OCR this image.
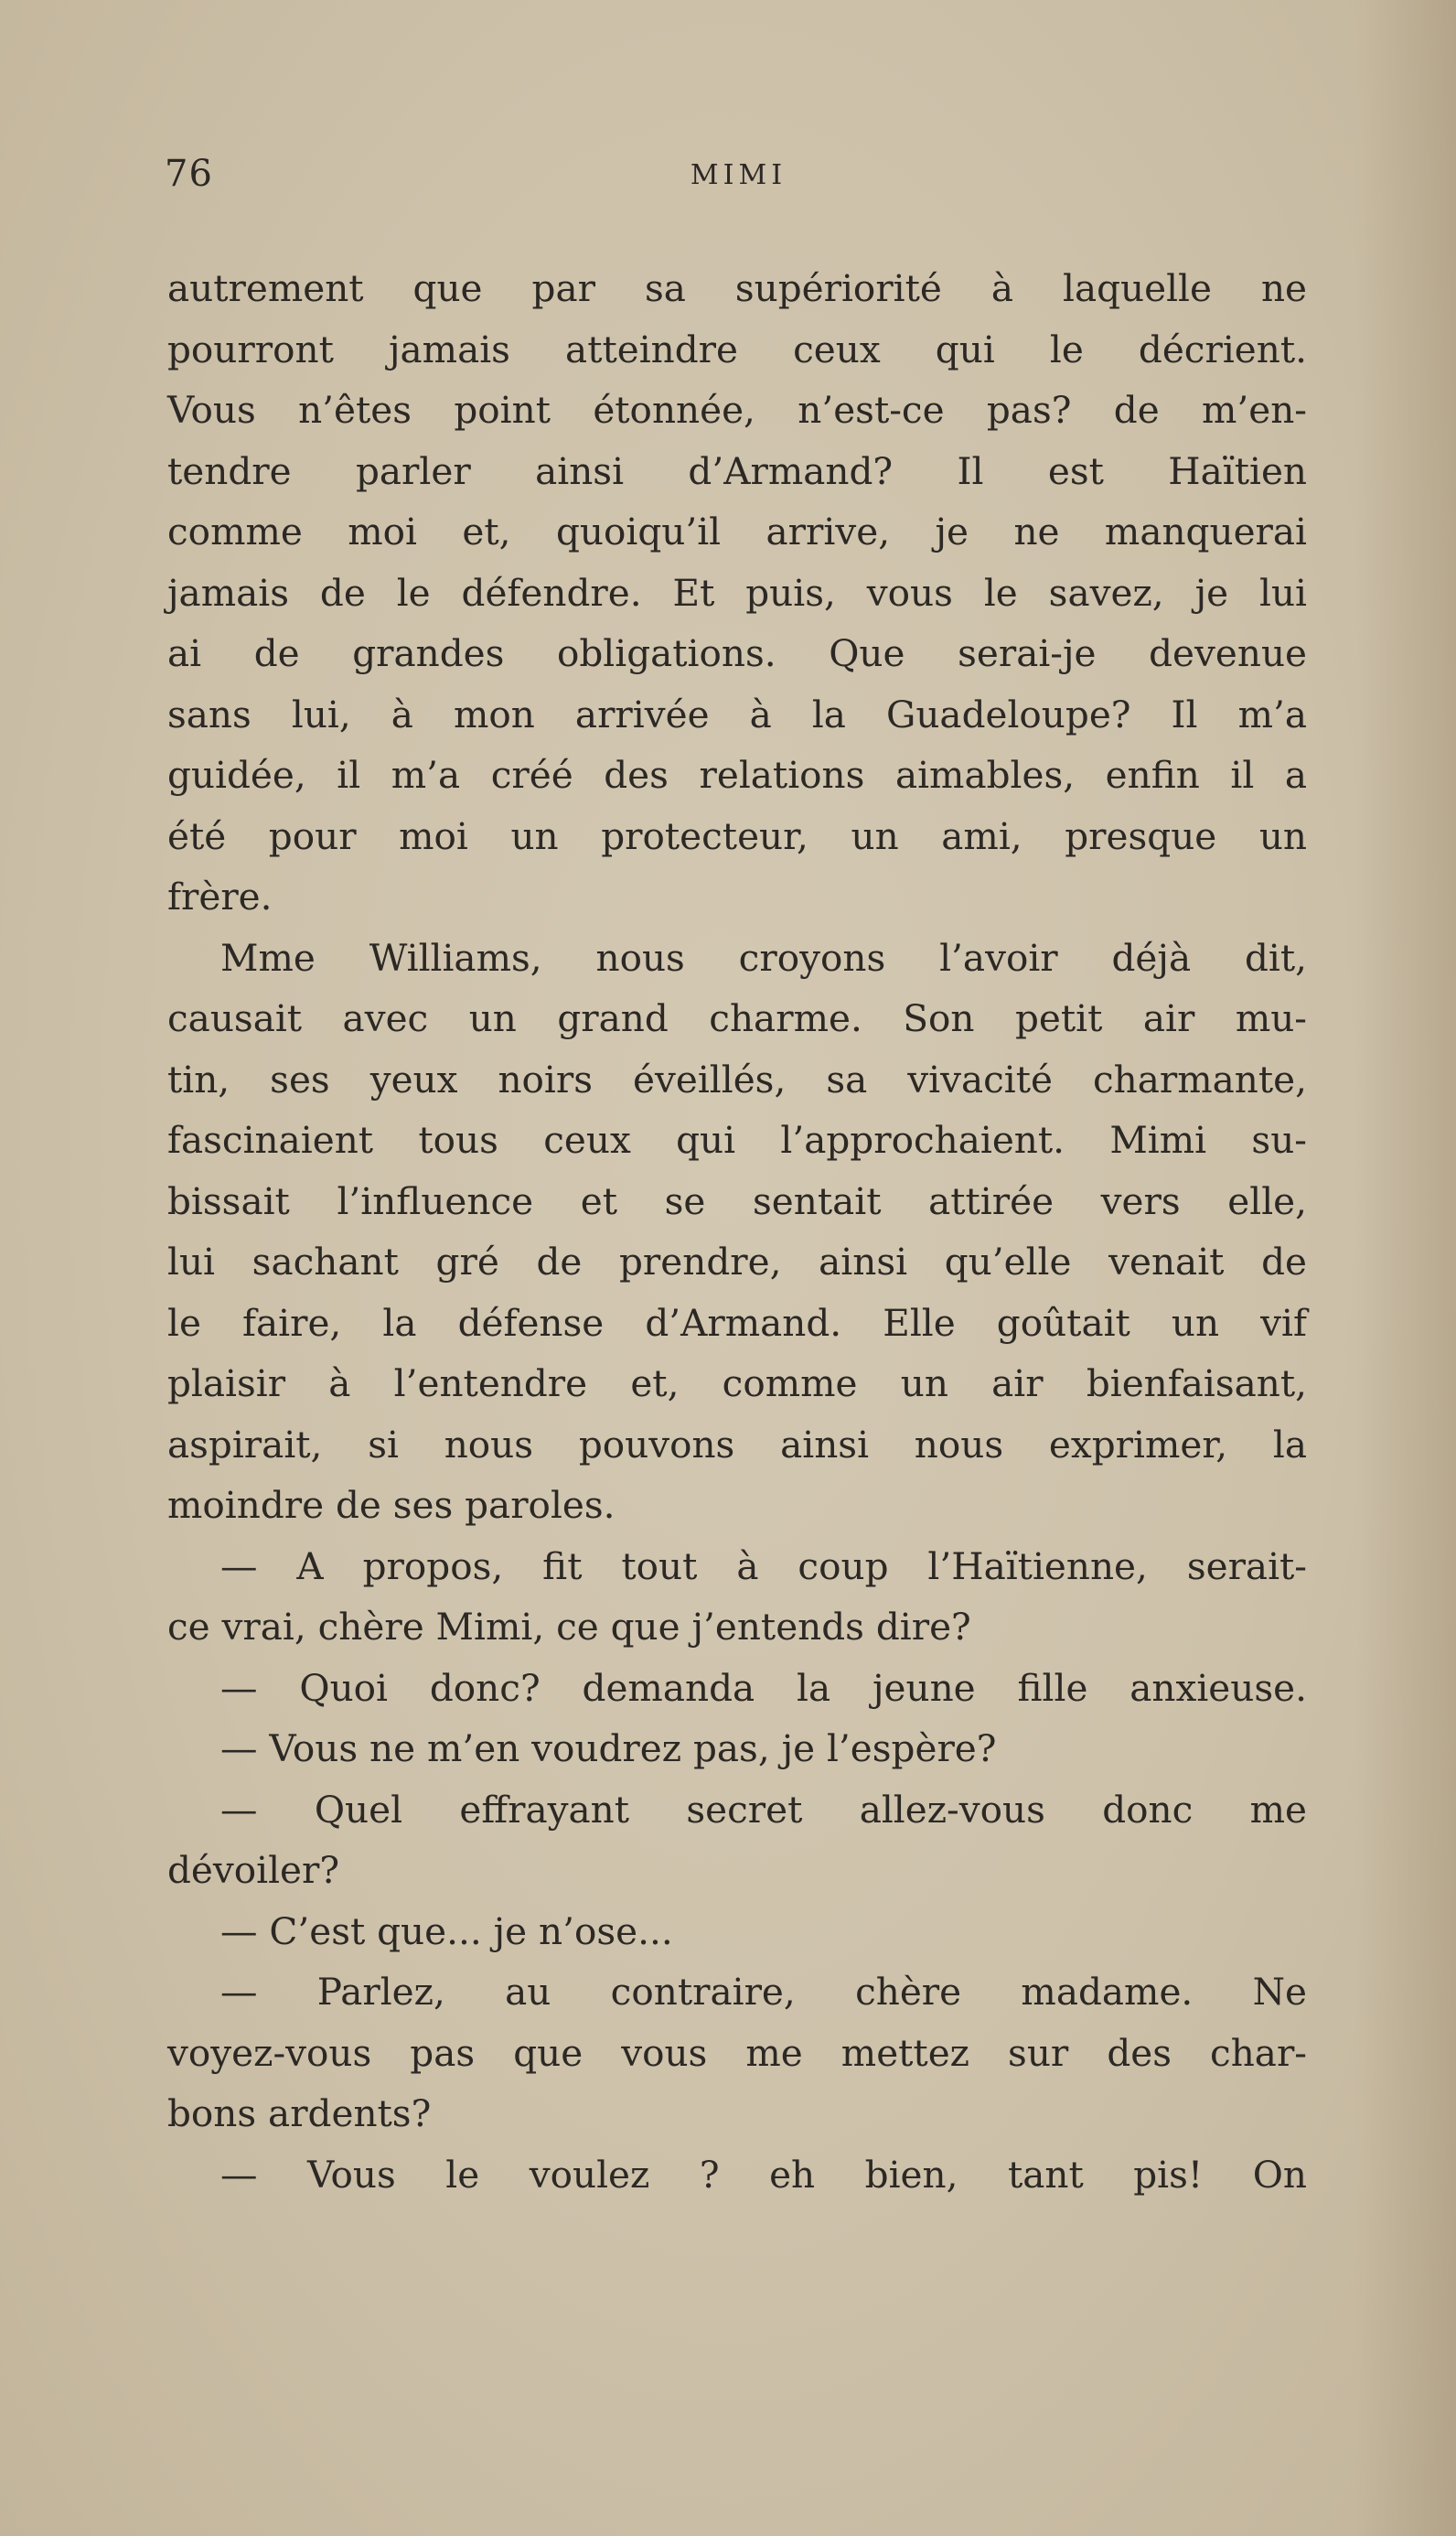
76	MIMI
autrement que par sa supériorité à laquelle ne
pourront jamais atteindre ceux qui le décrient.
Vous n’êtes point étonnée, n’est-ce pas? de m’en-
tendre parler ainsi d’Armand? Il est Haïtien
comme moi et, quoiqu’il arrive, je ne manquerai
jamais de le défendre. Et puis, vous le savez, je lui
ai de grandes obligations. Que serai-je devenue
sans lui, à mon arrivée à la Guadeloupe? Il m’a
guidée, il m’a créé des relations aimables, enfin il a
été pour moi un protecteur, un ami, presque un
frère.
Mme Williams, nous croyons l’avoir déjà dit,
causait avec un grand charme. Son petit air mu-
tin, ses yeux noirs éveillés, sa vivacité charmante,
fascinaient tous ceux qui l’approchaient. Mimi su-
bissait l’influence et se sentait attirée vers elle,
lui sachant gré de prendre, ainsi qu’elle venait de
le faire, la défense d’Armand. Elle goûtait un vif
plaisir à l’entendre et, comme un air bienfaisant,
aspirait, si nous pouvons ainsi nous exprimer, la
moindre de ses paroles.
— A propos, fit tout à coup l’Haïtienne, serait-
ce vrai, chère Mimi, ce que j’entends dire?
— Quoi donc? demanda la jeune fille anxieuse.
— Vous ne m’en voudrez pas, je l’espère?
— Quel effrayant secret allez-vous donc me
dévoiler?
— C’est que... je n’ose...
— Parlez, au contraire, chère madame. Ne
voyez-vous pas que vous me mettez sur des char-
bons ardents?
— Vous le voulez ? eh bien, tant pis! On
